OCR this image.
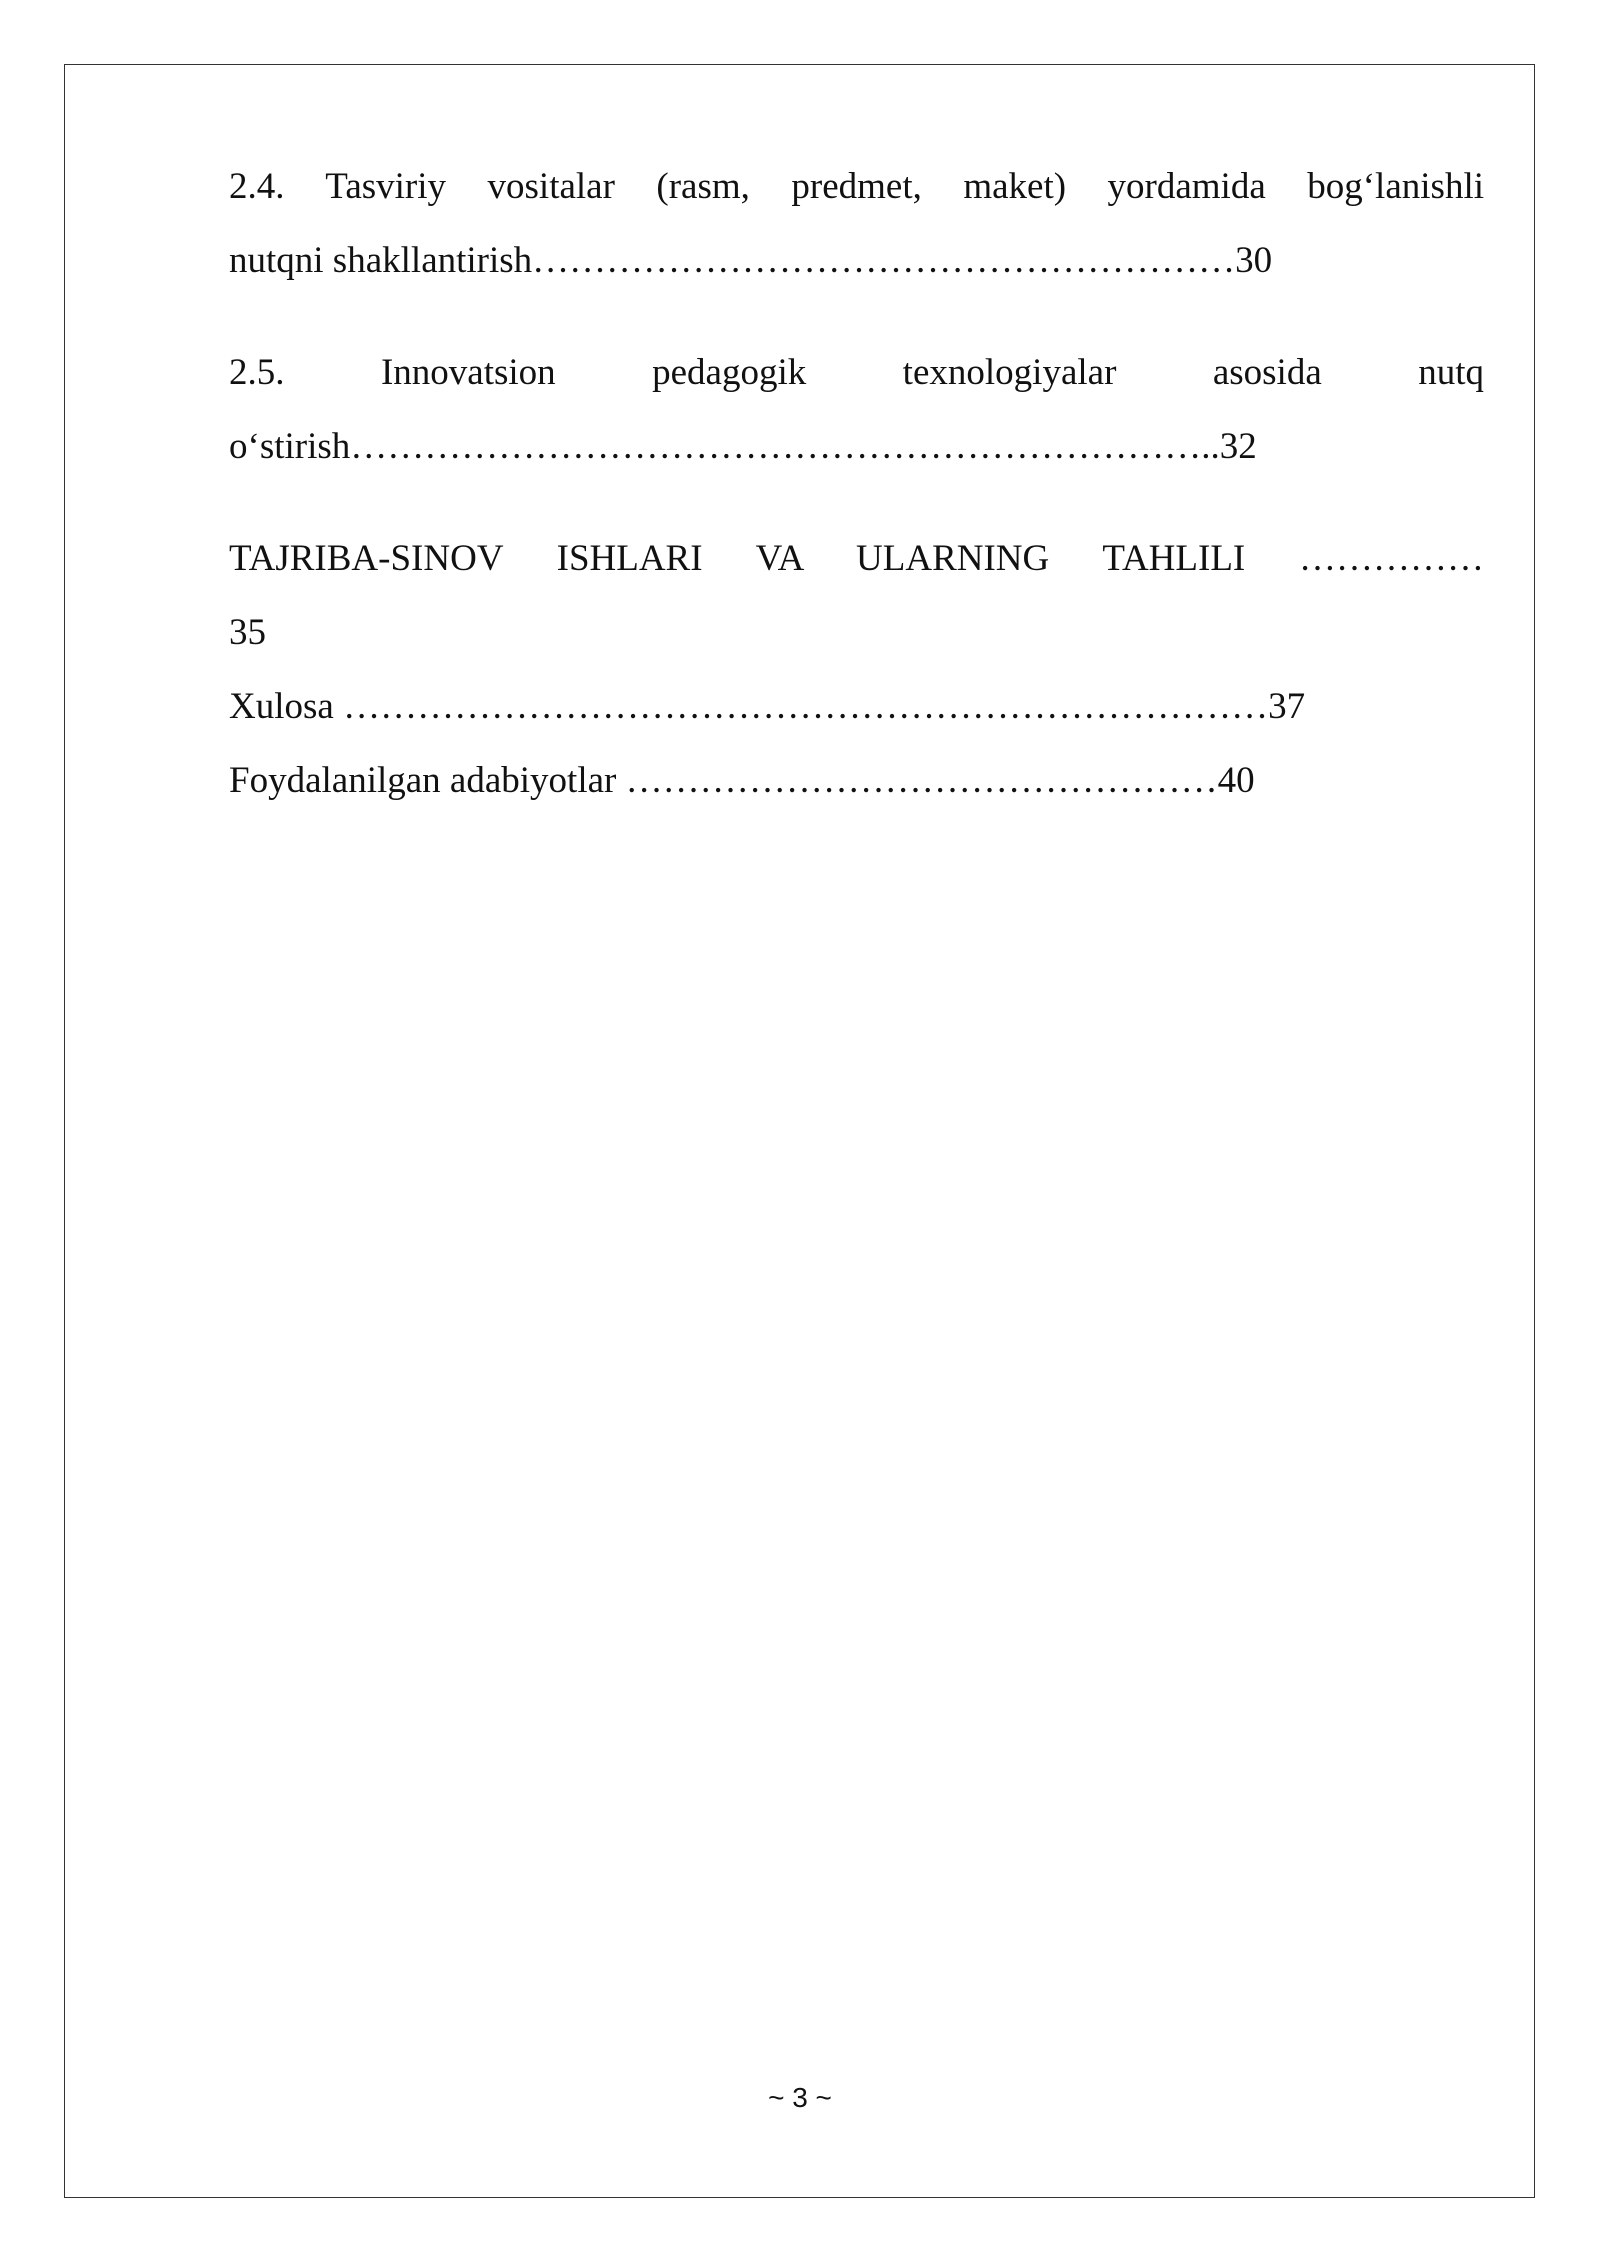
2.4. Tasviriy vositalar (rasm, predmet, maket) yordamida bog‘lanishli

nutqni shakllantirish…………………………………………………30

2.5. Innovatsion pedagogik texnologiyalar asosida nutq

o‘stirish……………………………………………………………..32

TAJRIBA-SINOV ISHLARI VA ULARNING TAHLILI ……………

35

Xulosa …………………………………………………………………37

Foydalanilgan adabiyotlar …………………………………………40

~ 3 ~
